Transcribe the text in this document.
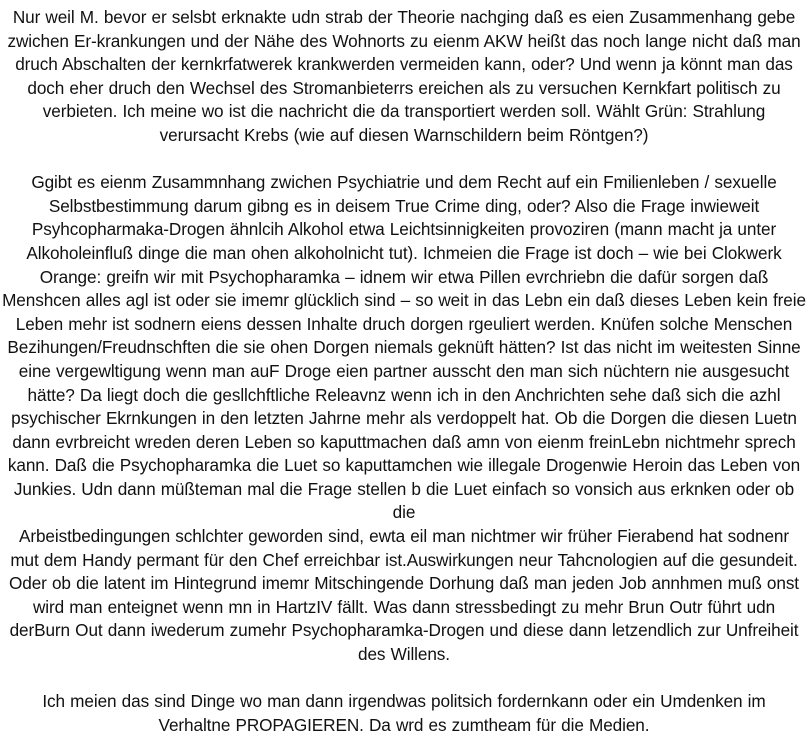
Nur weil M. bevor er selsbt erknakte udn strab der Theorie nachging daß es eien Zusammenhang gebe
zwichen Er-krankungen und der Nähe des Wohnorts zu eienm AKW heißt das noch lange nicht daß man
druch Abschalten der kernkrfatwerek krankwerden vermeiden kann, oder? Und wenn ja könnt man das
doch eher druch den Wechsel des Stromanbieterrs ereichen als zu versuchen Kernkfart politisch zu
verbieten. Ich meine wo ist die nachricht die da transportiert werden soll. Wählt Grün: Strahlung
verursacht Krebs (wie auf diesen Warnschildern beim Röntgen?)

Ggibt es eienm Zusammnhang zwichen Psychiatrie und dem Recht auf ein Fmilienleben / sexuelle
Selbstbestimmung darum gibng es in deisem True Crime ding, oder? Also die Frage inwieweit
Psyhcopharmaka-Drogen ähnlcih Alkohol etwa Leichtsinnigkeiten provoziren (mann macht ja unter
Alkoholeinfluß dinge die man ohen alkoholnicht tut). Ichmeien die Frage ist doch – wie bei Clokwerk
Orange: greifn wir mit Psychopharamka – idnem wir etwa Pillen evrchriebn die dafür sorgen daß
Menshcen alles agl ist oder sie imemr glücklich sind – so weit in das Lebn ein daß dieses Leben kein freie
Leben mehr ist sodnern eiens dessen Inhalte druch dorgen rgeuliert werden. Knüfen solche Menschen
Bezihungen/Freudnschften die sie ohen Dorgen niemals geknüft hätten? Ist das nicht im weitesten Sinne
eine vergewltigung wenn man auF Droge eien partner ausscht den man sich nüchtern nie ausgesucht
hätte? Da liegt doch die gesllchftliche Releavnz wenn ich in den Anchrichten sehe daß sich die azhl
psychischer Ekrnkungen in den letzten Jahrne mehr als verdoppelt hat. Ob die Dorgen die diesen Luetn
dann evrbreicht wreden deren Leben so kaputtmachen daß amn von eienm freinLebn nichtmehr sprech
kann. Daß die Psychopharamka die Luet so kaputtamchen wie illegale Drogenwie Heroin das Leben von
Junkies. Udn dann müßteman mal die Frage stellen b die Luet einfach so vonsich aus erknken oder ob die
Arbeistbedingungen schlchter geworden sind, ewta eil man nichtmer wir früher Fierabend hat sodnenr
mut dem Handy permant für den Chef erreichbar ist.Auswirkungen neur Tahcnologien auf die gesundeit.
Oder ob die latent im Hintegrund imemr Mitschingende Dorhung daß man jeden Job annhmen muß onst
wird man enteignet wenn mn in HartzIV fällt. Was dann stressbedingt zu mehr Brun Outr führt udn
derBurn Out dann iwederum zumehr Psychopharamka-Drogen und diese dann letzendlich zur Unfreiheit
des Willens.

Ich meien das sind Dinge wo man dann irgendwas politsich fordernkann oder ein Umdenken im
Verhaltne PROPAGIEREN. Da wrd es zumtheam für die Medien.
